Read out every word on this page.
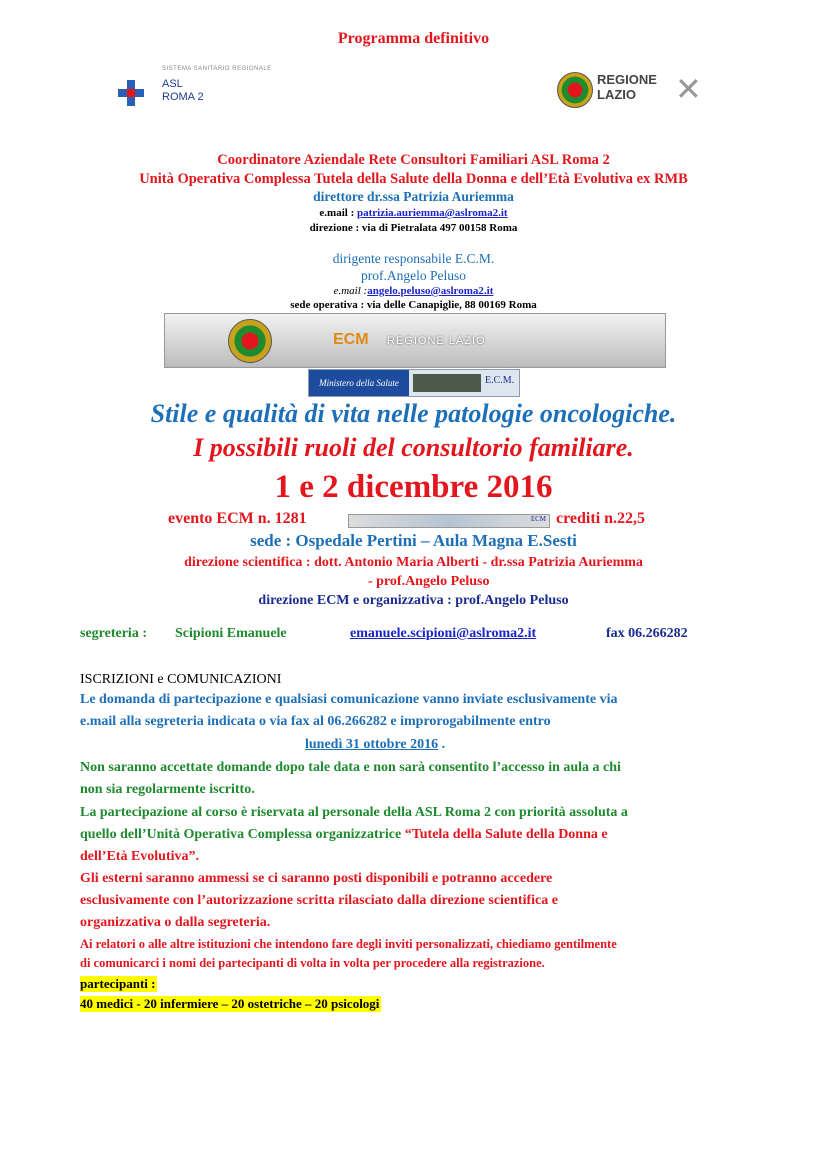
Programma definitivo
SISTEMA SANITARIO REGIONALE
ASL
ROMA 2
REGIONE
LAZIO	✕
Coordinatore Aziendale Rete Consultori Familiari ASL Roma 2
Unità Operativa Complessa Tutela della Salute della Donna e dell’Età Evolutiva ex RMB
direttore dr.ssa Patrizia Auriemma
e.mail : patrizia.auriemma@aslroma2.it
direzione : via di Pietralata 497 00158 Roma
dirigente responsabile E.C.M.
prof.Angelo Peluso
e.mail :angelo.peluso@aslroma2.it
sede operativa : via delle Canapiglie, 88 00169 Roma
ECM REGIONE LAZIO
Ministero della Salute	E.C.M.
Stile e qualità di vita nelle patologie oncologiche.
I possibili ruoli del consultorio familiare.
1 e 2 dicembre 2016
evento ECM n. 1281	ECM crediti n.22,5
sede : Ospedale Pertini – Aula Magna E.Sesti
direzione scientifica : dott. Antonio Maria Alberti - dr.ssa Patrizia Auriemma
- prof.Angelo Peluso
direzione ECM e organizzativa : prof.Angelo Peluso
segreteria : Scipioni Emanuele	emanuele.scipioni@aslroma2.it	fax 06.266282
ISCRIZIONI e COMUNICAZIONI
Le domanda di partecipazione e qualsiasi comunicazione vanno inviate esclusivamente via
e.mail alla segreteria indicata o via fax al 06.266282 e improrogabilmente entro
lunedì 31 ottobre 2016 .
Non saranno accettate domande dopo tale data e non sarà consentito l’accesso in aula a chi
non sia regolarmente iscritto.
La partecipazione al corso è riservata al personale della ASL Roma 2 con priorità assoluta a
quello dell’Unità Operativa Complessa organizzatrice “Tutela della Salute della Donna e
dell’Età Evolutiva”.
Gli esterni saranno ammessi se ci saranno posti disponibili e potranno accedere
esclusivamente con l’autorizzazione scritta rilasciato dalla direzione scientifica e
organizzativa o dalla segreteria.
Ai relatori o alle altre istituzioni che intendono fare degli inviti personalizzati, chiediamo gentilmente
di comunicarci i nomi dei partecipanti di volta in volta per procedere alla registrazione.
partecipanti :
40 medici - 20 infermiere – 20 ostetriche – 20 psicologi
